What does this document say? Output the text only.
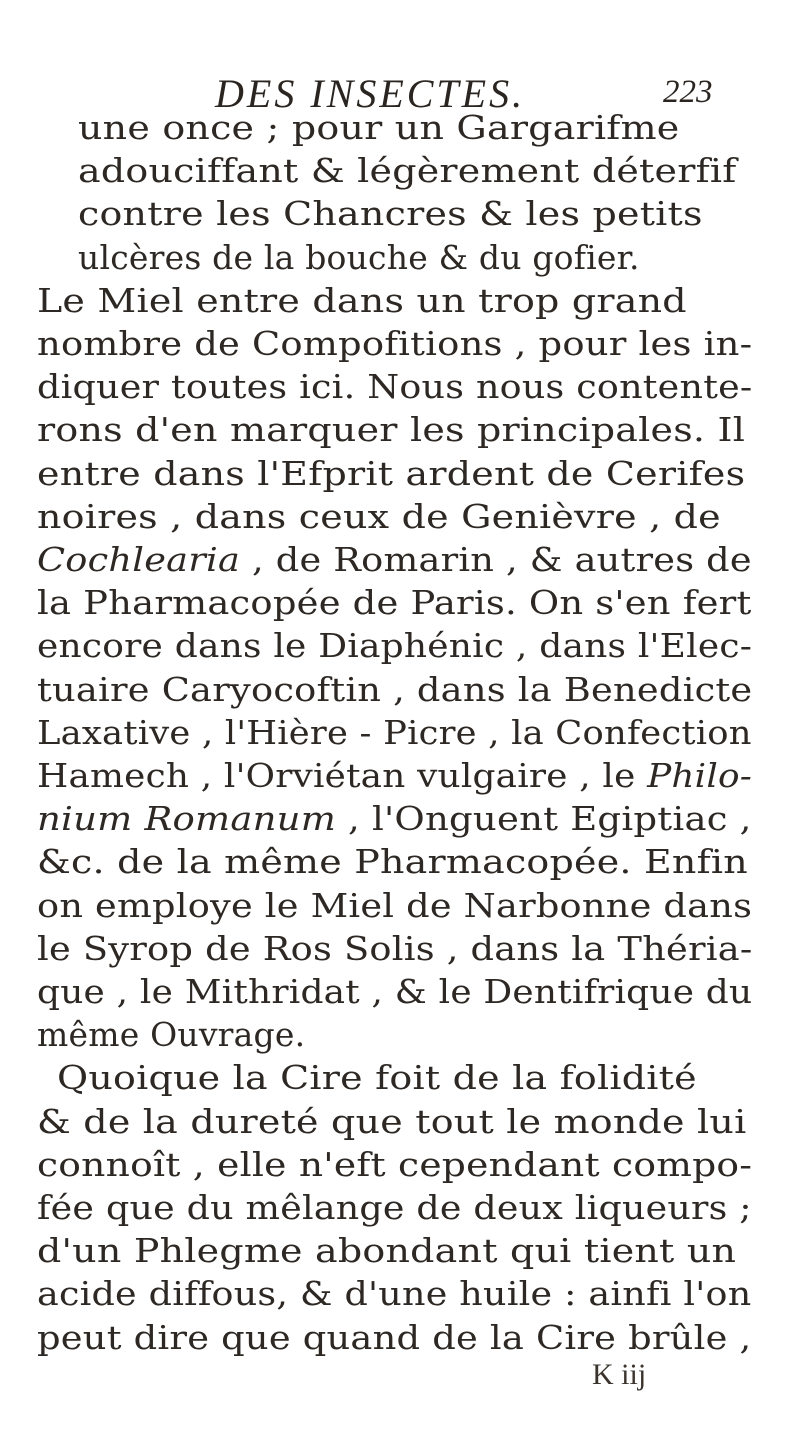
DES INSECTES.	223
une once ; pour un Gargarifme
adouciffant & légèrement déterfif
contre les Chancres & les petits
ulcères de la bouche & du gofier.
Le Miel entre dans un trop grand
nombre de Compofitions , pour les in-
diquer toutes ici. Nous nous contente-
rons d'en marquer les principales. Il
entre dans l'Efprit ardent de Cerifes
noires , dans ceux de Genièvre , de
Cochlearia , de Romarin , & autres de
la Pharmacopée de Paris. On s'en fert
encore dans le Diaphénic , dans l'Elec-
tuaire Caryocoftin , dans la Benedicte
Laxative , l'Hière - Picre , la Confection
Hamech , l'Orviétan vulgaire , le Philo-
nium Romanum , l'Onguent Egiptiac ,
&c. de la même Pharmacopée. Enfin
on employe le Miel de Narbonne dans
le Syrop de Ros Solis , dans la Théria-
que , le Mithridat , & le Dentifrique du
même Ouvrage.
Quoique la Cire foit de la folidité
& de la dureté que tout le monde lui
connoît , elle n'eft cependant compo-
fée que du mêlange de deux liqueurs ;
d'un Phlegme abondant qui tient un
acide diffous, & d'une huile : ainfi l'on
peut dire que quand de la Cire brûle ,
K iij
